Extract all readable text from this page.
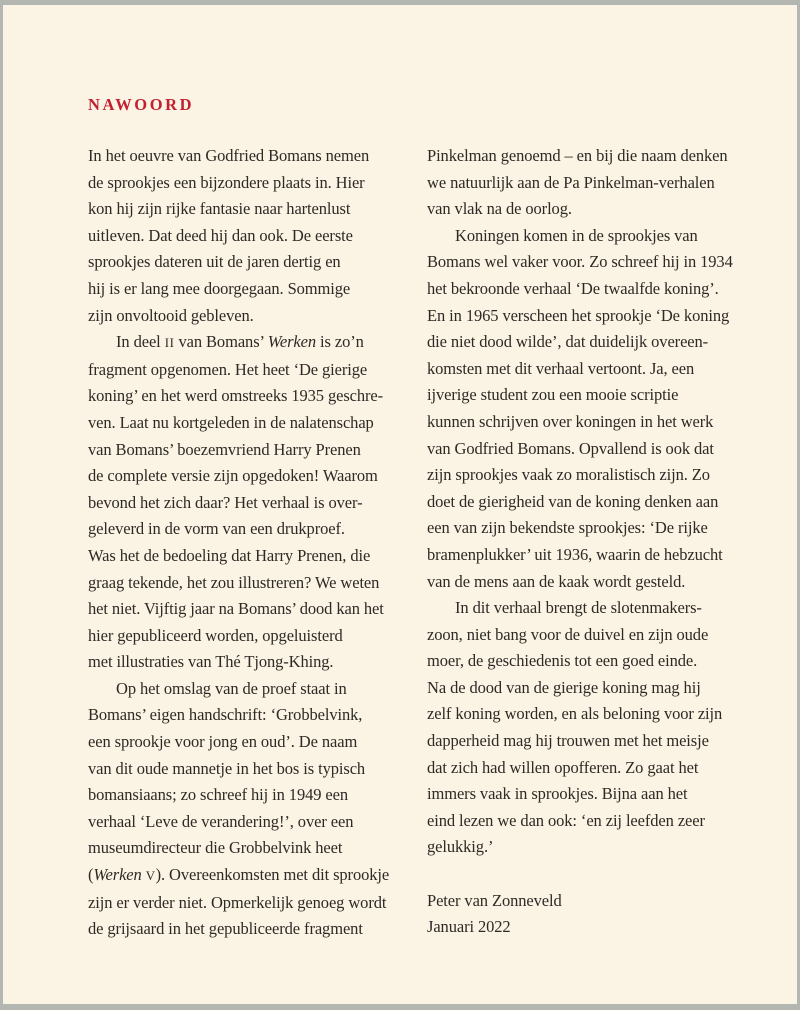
NAWOORD
In het oeuvre van Godfried Bomans nemen
de sprookjes een bijzondere plaats in. Hier
kon hij zijn rijke fantasie naar hartenlust
uitleven. Dat deed hij dan ook. De eerste
sprookjes dateren uit de jaren dertig en
hij is er lang mee doorgegaan. Sommige
zijn onvoltooid gebleven.
In deel II van Bomans’ Werken is zo’n
fragment opgenomen. Het heet ‘De gierige
koning’ en het werd omstreeks 1935 geschre-
ven. Laat nu kortgeleden in de nalatenschap
van Bomans’ boezemvriend Harry Prenen
de complete versie zijn opgedoken! Waarom
bevond het zich daar? Het verhaal is over-
geleverd in de vorm van een drukproef.
Was het de bedoeling dat Harry Prenen, die
graag tekende, het zou illustreren? We weten
het niet. Vijftig jaar na Bomans’ dood kan het
hier gepubliceerd worden, opgeluisterd
met illustraties van Thé Tjong-Khing.
Op het omslag van de proef staat in
Bomans’ eigen handschrift: ‘Grobbelvink,
een sprookje voor jong en oud’. De naam
van dit oude mannetje in het bos is typisch
bomansiaans; zo schreef hij in 1949 een
verhaal ‘Leve de verandering!’, over een
museumdirecteur die Grobbelvink heet
(Werken V). Overeenkomsten met dit sprookje
zijn er verder niet. Opmerkelijk genoeg wordt
de grijsaard in het gepubliceerde fragment
Pinkelman genoemd – en bij die naam denken
we natuurlijk aan de Pa Pinkelman-verhalen
van vlak na de oorlog.
Koningen komen in de sprookjes van
Bomans wel vaker voor. Zo schreef hij in 1934
het bekroonde verhaal ‘De twaalfde koning’.
En in 1965 verscheen het sprookje ‘De koning
die niet dood wilde’, dat duidelijk overeen-
komsten met dit verhaal vertoont. Ja, een
ijverige student zou een mooie scriptie
kunnen schrijven over koningen in het werk
van Godfried Bomans. Opvallend is ook dat
zijn sprookjes vaak zo moralistisch zijn. Zo
doet de gierigheid van de koning denken aan
een van zijn bekendste sprookjes: ‘De rijke
bramenplukker’ uit 1936, waarin de hebzucht
van de mens aan de kaak wordt gesteld.
In dit verhaal brengt de slotenmakers-
zoon, niet bang voor de duivel en zijn oude
moer, de geschiedenis tot een goed einde.
Na de dood van de gierige koning mag hij
zelf koning worden, en als beloning voor zijn
dapperheid mag hij trouwen met het meisje
dat zich had willen opofferen. Zo gaat het
immers vaak in sprookjes. Bijna aan het
eind lezen we dan ook: ‘en zij leefden zeer
gelukkig.’

Peter van Zonneveld
Januari 2022
